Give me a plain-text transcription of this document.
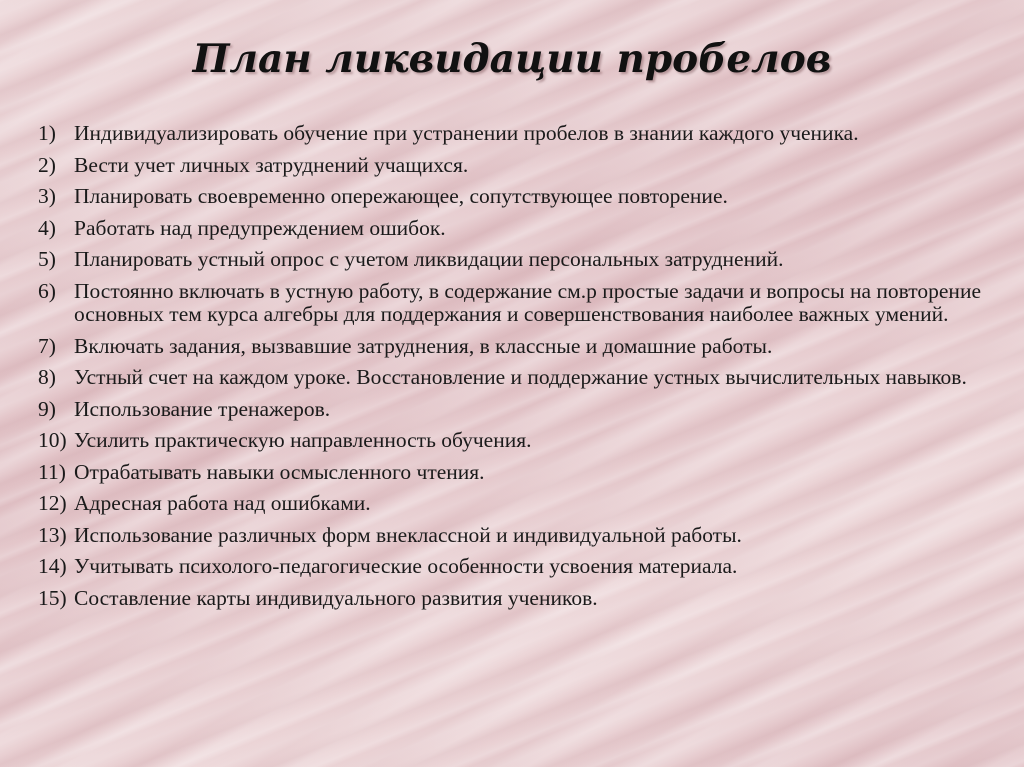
План ликвидации пробелов
1) Индивидуализировать обучение при устранении пробелов в знании каждого ученика.
2) Вести учет личных затруднений учащихся.
3) Планировать своевременно опережающее, сопутствующее повторение.
4) Работать над предупреждением ошибок.
5) Планировать устный опрос с учетом ликвидации персональных затруднений.
6) Постоянно включать в устную работу, в содержание см.р простые задачи и вопросы на повторение основных тем курса алгебры для поддержания и совершенствования наиболее важных умений.
7) Включать задания, вызвавшие затруднения, в классные и домашние работы.
8) Устный счет на каждом уроке. Восстановление и поддержание устных вычислительных навыков.
9) Использование тренажеров.
10) Усилить практическую направленность обучения.
11) Отрабатывать навыки осмысленного чтения.
12) Адресная работа над ошибками.
13) Использование различных форм внеклассной и индивидуальной работы.
14) Учитывать психолого-педагогические особенности усвоения материала.
15) Составление карты индивидуального развития учеников.
